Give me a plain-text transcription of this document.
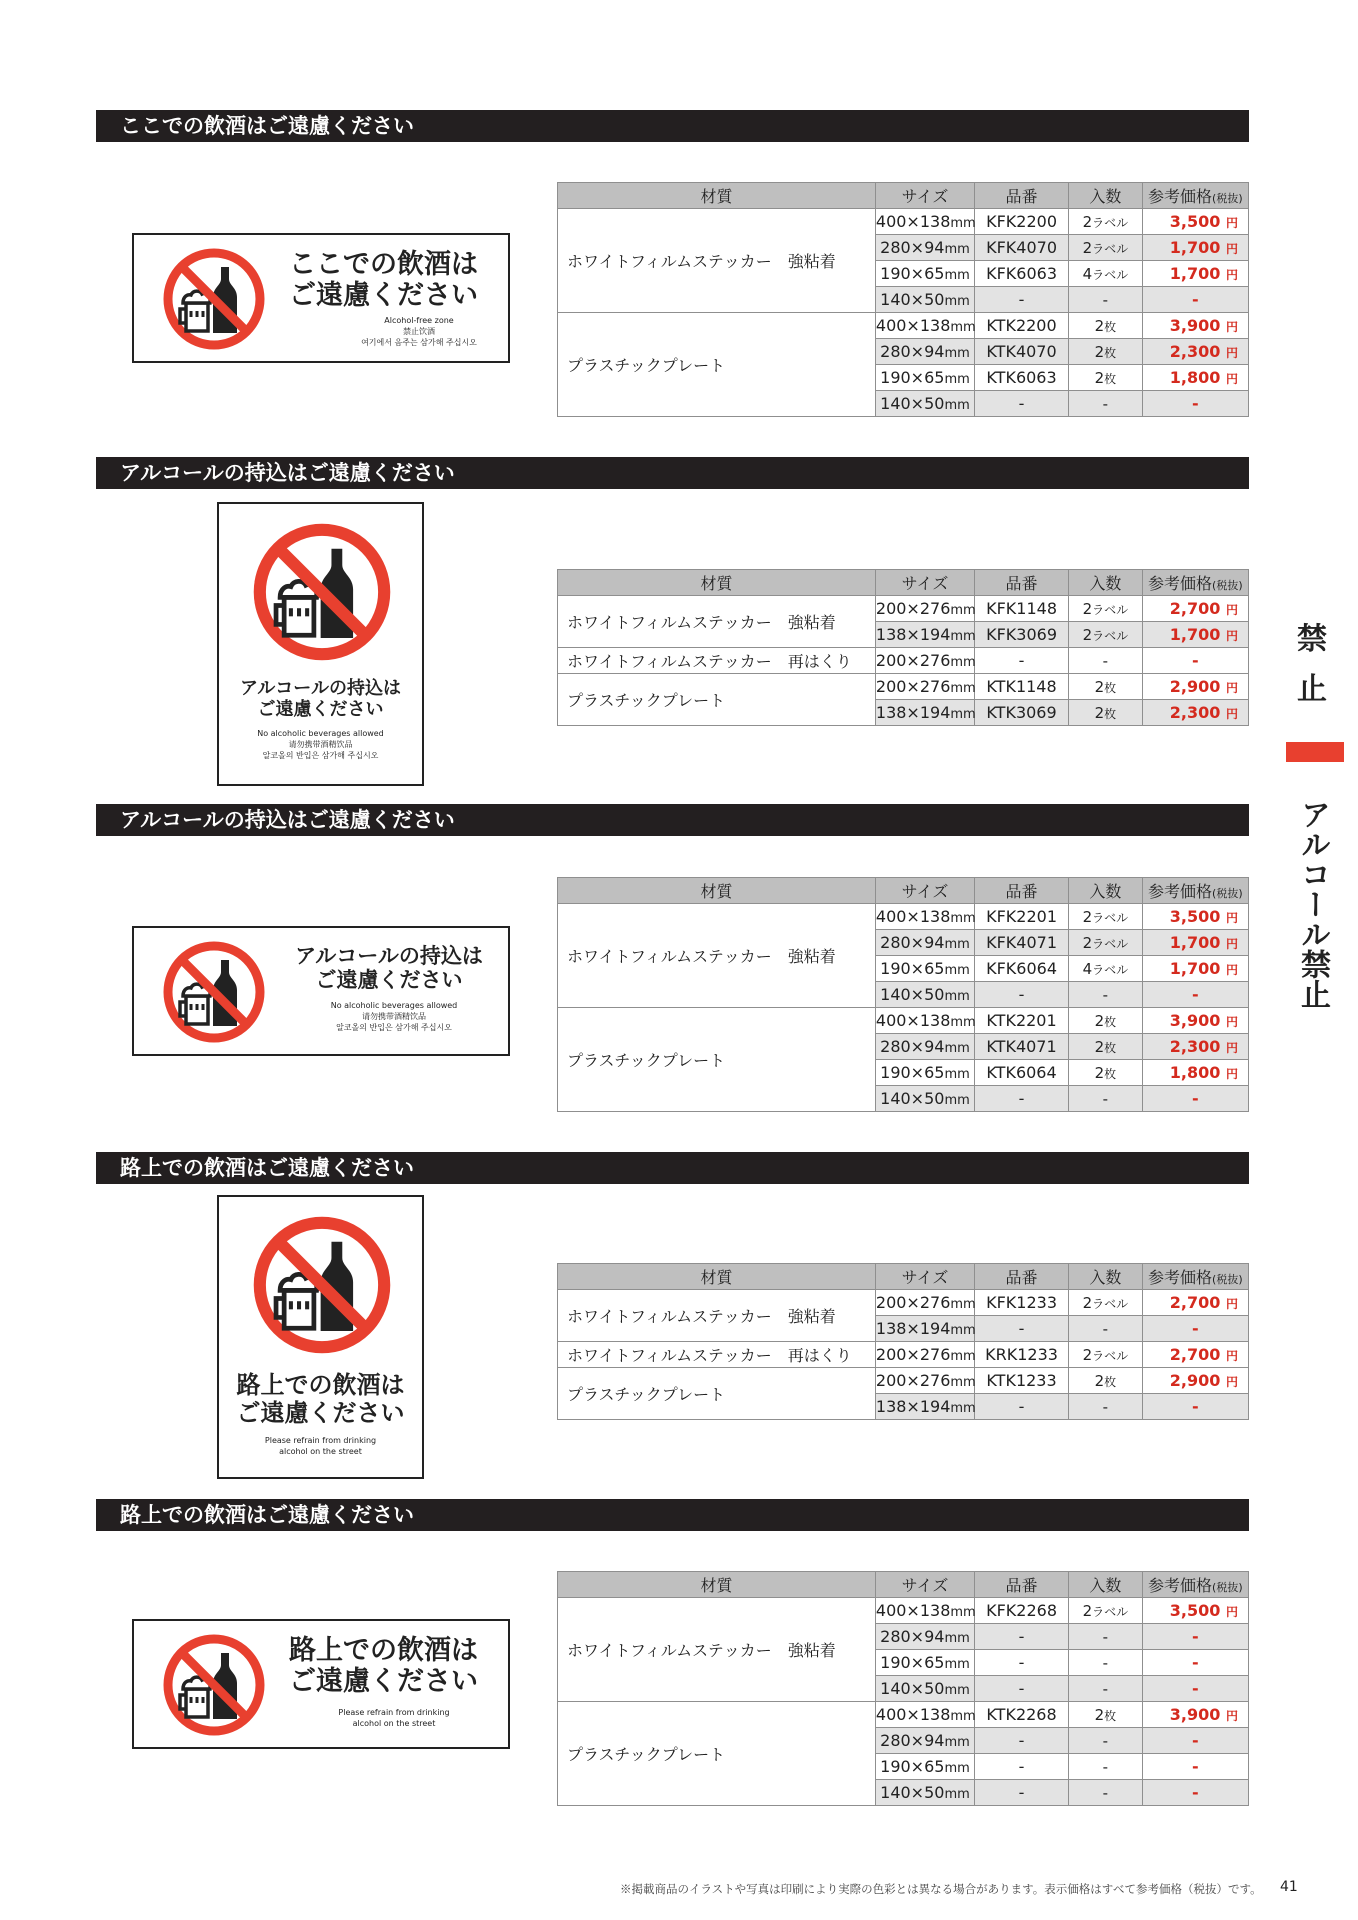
ここでの飲酒はご遠慮ください
アルコールの持込はご遠慮ください
アルコールの持込はご遠慮ください
路上での飲酒はご遠慮ください
路上での飲酒はご遠慮ください
ここでの飲酒は
ご遠慮ください
Alcohol-free zone
禁止饮酒
여기에서 음주는 삼가해 주십시오
アルコールの持込は
ご遠慮ください
No alcoholic beverages allowed
请勿携带酒精饮品
알코올의 반입은 삼가해 주십시오
アルコールの持込は
ご遠慮ください
No alcoholic beverages allowed
请勿携带酒精饮品
알코올의 반입은 삼가해 주십시오
路上での飲酒は
ご遠慮ください
Please refrain from drinking
alcohol on the street
路上での飲酒は
ご遠慮ください
Please refrain from drinking
alcohol on the street
材質	サイズ	品番	入数	参考価格(税抜)
ホワイトフィルムステッカー　強粘着	400×138mm	KFK2200	2ラベル	3,500 円
	280×94mm	KFK4070	2ラベル	1,700 円
	190×65mm	KFK6063	4ラベル	1,700 円
	140×50mm	-	-	-
プラスチックプレート	400×138mm	KTK2200	2枚	3,900 円
	280×94mm	KTK4070	2枚	2,300 円
	190×65mm	KTK6063	2枚	1,800 円
	140×50mm	-	-	-
材質	サイズ	品番	入数	参考価格(税抜)
ホワイトフィルムステッカー　強粘着	200×276mm	KFK1148	2ラベル	2,700 円
	138×194mm	KFK3069	2ラベル	1,700 円
ホワイトフィルムステッカー　再はくり	200×276mm	-	-	-
プラスチックプレート	200×276mm	KTK1148	2枚	2,900 円
	138×194mm	KTK3069	2枚	2,300 円
材質	サイズ	品番	入数	参考価格(税抜)
ホワイトフィルムステッカー　強粘着	400×138mm	KFK2201	2ラベル	3,500 円
	280×94mm	KFK4071	2ラベル	1,700 円
	190×65mm	KFK6064	4ラベル	1,700 円
	140×50mm	-	-	-
プラスチックプレート	400×138mm	KTK2201	2枚	3,900 円
	280×94mm	KTK4071	2枚	2,300 円
	190×65mm	KTK6064	2枚	1,800 円
	140×50mm	-	-	-
材質	サイズ	品番	入数	参考価格(税抜)
ホワイトフィルムステッカー　強粘着	200×276mm	KFK1233	2ラベル	2,700 円
	138×194mm	-	-	-
ホワイトフィルムステッカー　再はくり	200×276mm	KRK1233	2ラベル	2,700 円
プラスチックプレート	200×276mm	KTK1233	2枚	2,900 円
	138×194mm	-	-	-
材質	サイズ	品番	入数	参考価格(税抜)
ホワイトフィルムステッカー　強粘着	400×138mm	KFK2268	2ラベル	3,500 円
	280×94mm	-	-	-
	190×65mm	-	-	-
	140×50mm	-	-	-
プラスチックプレート	400×138mm	KTK2268	2枚	3,900 円
	280×94mm	-	-	-
	190×65mm	-	-	-
	140×50mm	-	-	-
禁
止
アルコール禁止
※掲載商品のイラストや写真は印刷により実際の色彩とは異なる場合があります。表示価格はすべて参考価格（税抜）です。 41
